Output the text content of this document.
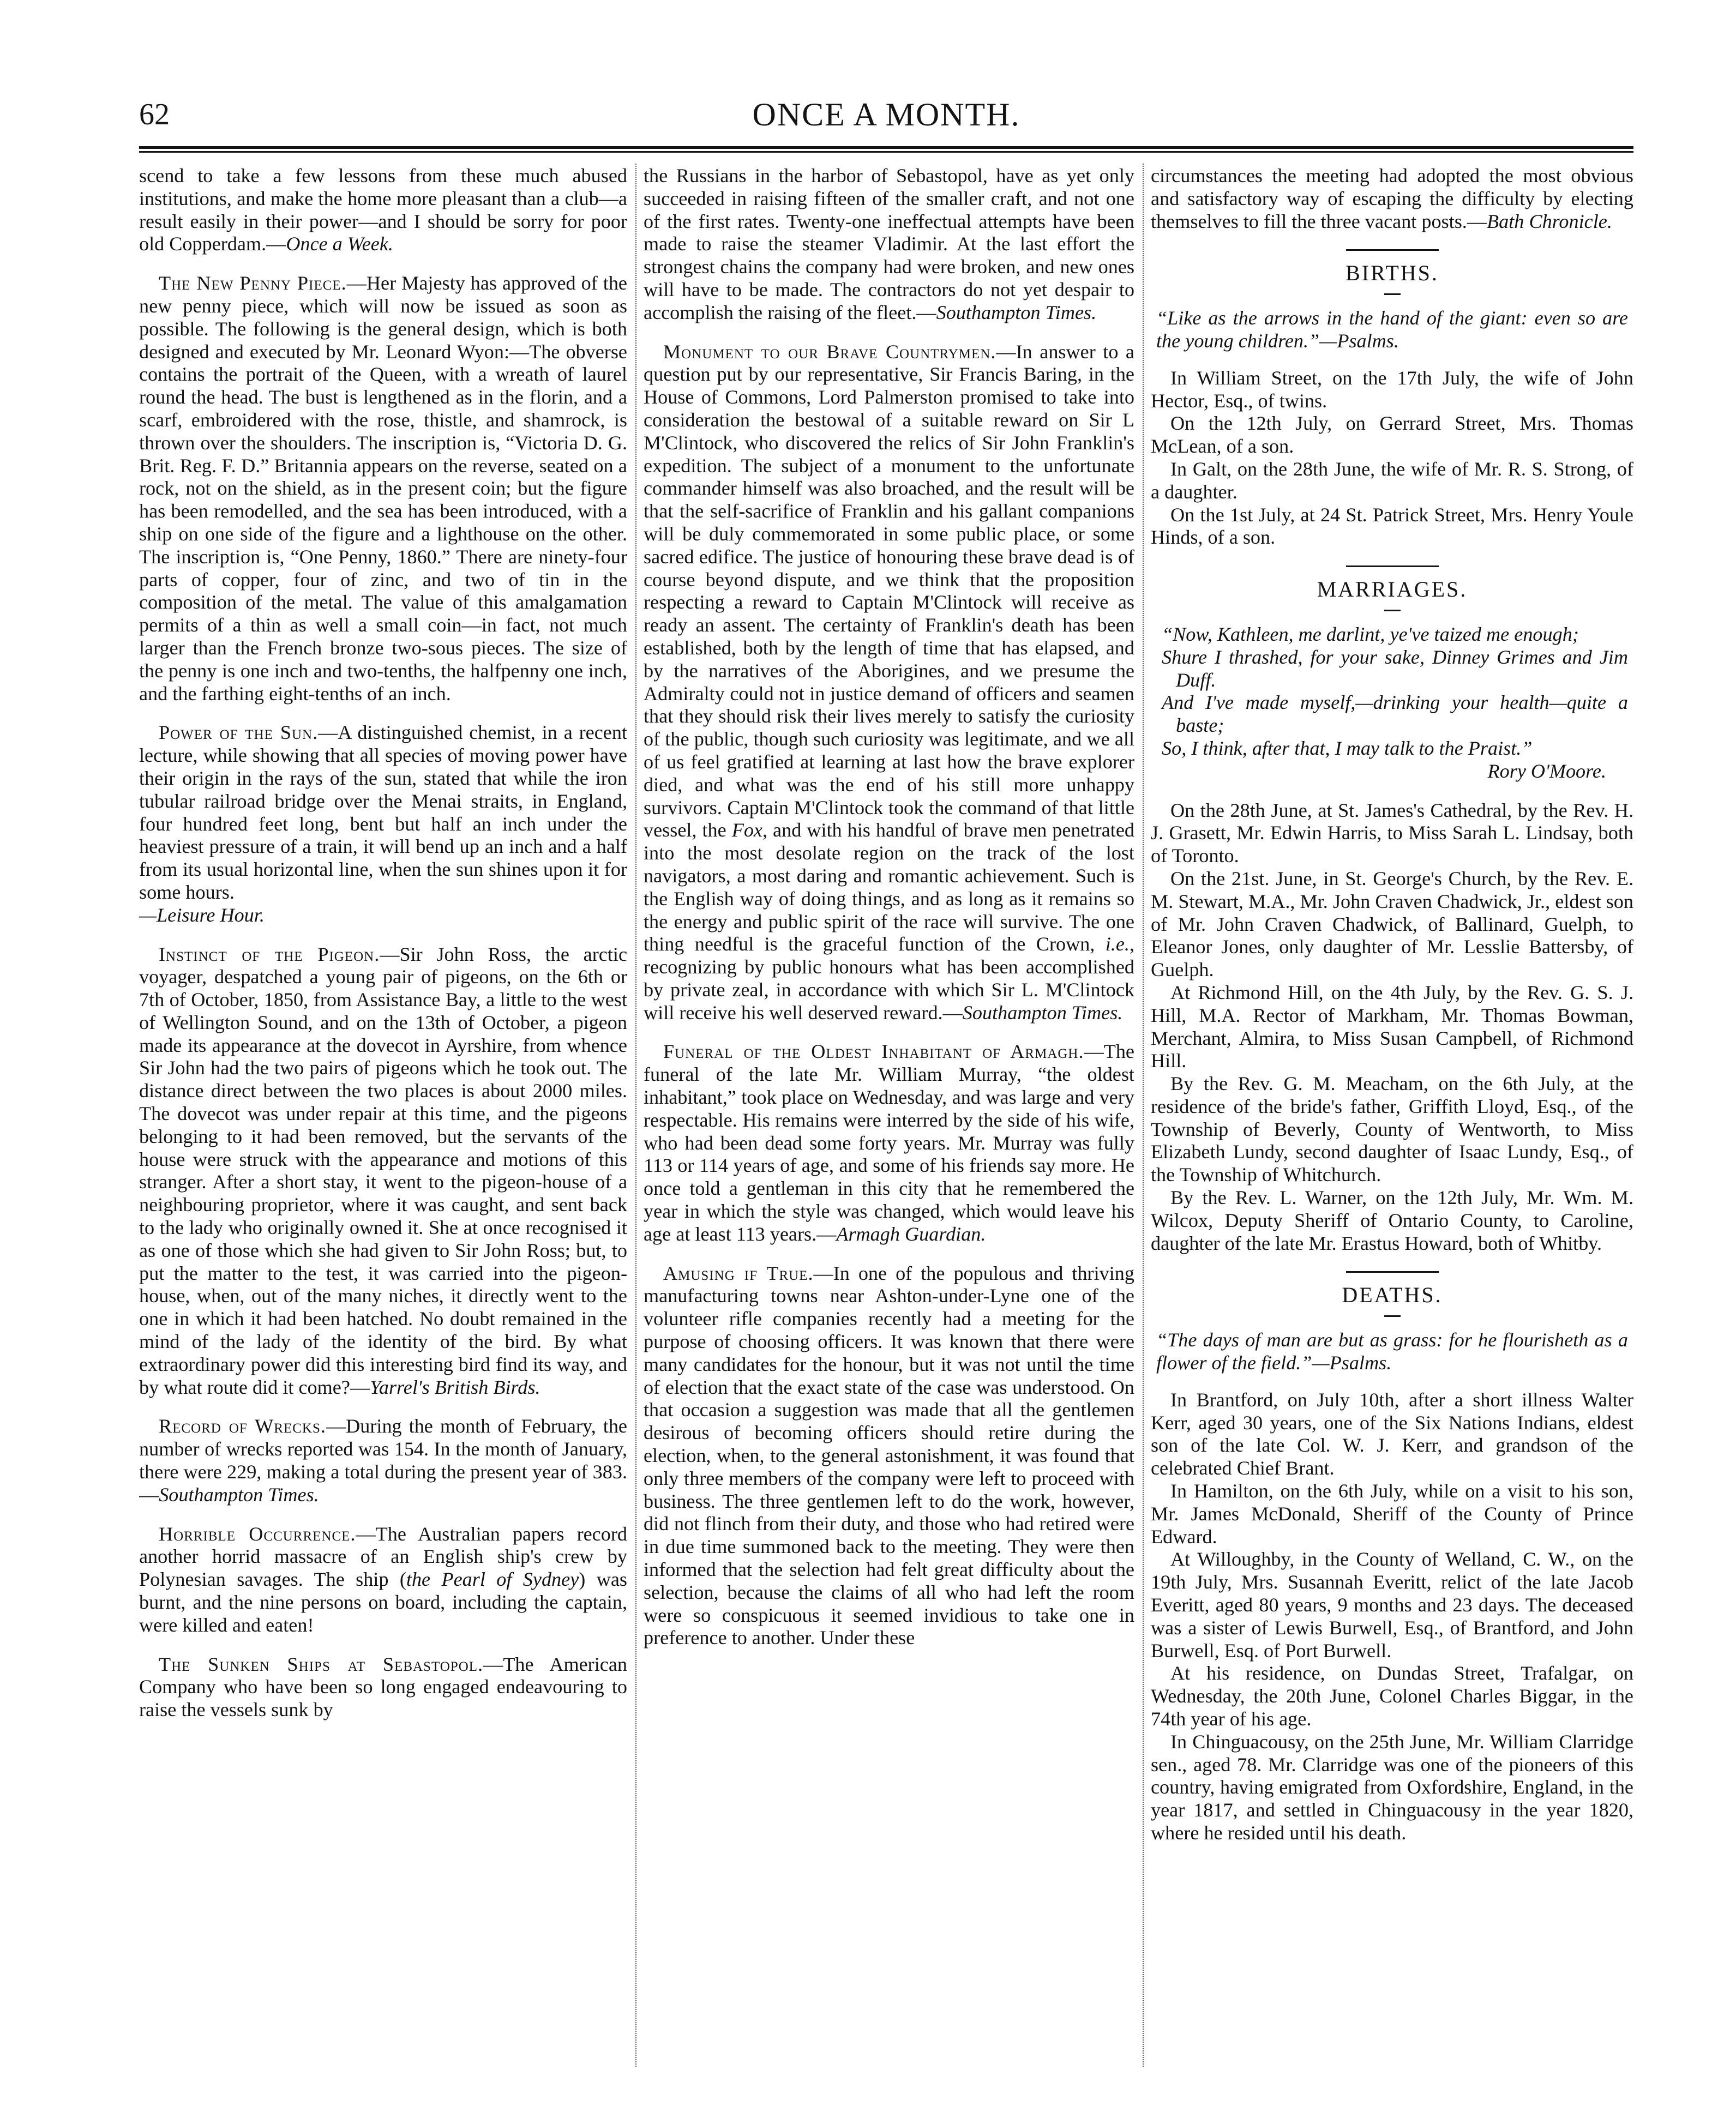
62	ONCE A MONTH.

scend to take a few lessons from these much abused institutions, and make the home more pleasant than a club—a result easily in their power—and I should be sorry for poor old Copperdam.—Once a Week.

The New Penny Piece.—Her Majesty has approved of the new penny piece, which will now be issued as soon as possible. The following is the general design, which is both designed and executed by Mr. Leonard Wyon:—The obverse contains the portrait of the Queen, with a wreath of laurel round the head. The bust is lengthened as in the florin, and a scarf, embroidered with the rose, thistle, and shamrock, is thrown over the shoulders. The inscription is, “Victoria D. G. Brit. Reg. F. D.” Britannia appears on the reverse, seated on a rock, not on the shield, as in the present coin; but the figure has been remodelled, and the sea has been introduced, with a ship on one side of the figure and a lighthouse on the other. The inscription is, “One Penny, 1860.” There are ninety-four parts of copper, four of zinc, and two of tin in the composition of the metal. The value of this amalgamation permits of a thin as well a small coin—in fact, not much larger than the French bronze two-sous pieces. The size of the penny is one inch and two-tenths, the halfpenny one inch, and the farthing eight-tenths of an inch.

Power of the Sun.—A distinguished chemist, in a recent lecture, while showing that all species of moving power have their origin in the rays of the sun, stated that while the iron tubular railroad bridge over the Menai straits, in England, four hundred feet long, bent but half an inch under the heaviest pressure of a train, it will bend up an inch and a half from its usual horizontal line, when the sun shines upon it for some hours.
—Leisure Hour.

Instinct of the Pigeon.—Sir John Ross, the arctic voyager, despatched a young pair of pigeons, on the 6th or 7th of October, 1850, from Assistance Bay, a little to the west of Wellington Sound, and on the 13th of October, a pigeon made its appearance at the dovecot in Ayrshire, from whence Sir John had the two pairs of pigeons which he took out. The distance direct between the two places is about 2000 miles. The dovecot was under repair at this time, and the pigeons belonging to it had been removed, but the servants of the house were struck with the appearance and motions of this stranger. After a short stay, it went to the pigeon-house of a neighbouring proprietor, where it was caught, and sent back to the lady who originally owned it. She at once recognised it as one of those which she had given to Sir John Ross; but, to put the matter to the test, it was carried into the pigeon-house, when, out of the many niches, it directly went to the one in which it had been hatched. No doubt remained in the mind of the lady of the identity of the bird. By what extraordinary power did this interesting bird find its way, and by what route did it come?—Yarrel's British Birds.

Record of Wrecks.—During the month of February, the number of wrecks reported was 154. In the month of January, there were 229, making a total during the present year of 383.—Southampton Times.

Horrible Occurrence.—The Australian papers record another horrid massacre of an English ship's crew by Polynesian savages. The ship (the Pearl of Sydney) was burnt, and the nine persons on board, including the captain, were killed and eaten!

The Sunken Ships at Sebastopol.—The American Company who have been so long engaged endeavouring to raise the vessels sunk by

the Russians in the harbor of Sebastopol, have as yet only succeeded in raising fifteen of the smaller craft, and not one of the first rates. Twenty-one ineffectual attempts have been made to raise the steamer Vladimir. At the last effort the strongest chains the company had were broken, and new ones will have to be made. The contractors do not yet despair to accomplish the raising of the fleet.—Southampton Times.

Monument to our Brave Countrymen.—In answer to a question put by our representative, Sir Francis Baring, in the House of Commons, Lord Palmerston promised to take into consideration the bestowal of a suitable reward on Sir L M'Clintock, who discovered the relics of Sir John Franklin's expedition. The subject of a monument to the unfortunate commander himself was also broached, and the result will be that the self-sacrifice of Franklin and his gallant companions will be duly commemorated in some public place, or some sacred edifice. The justice of honouring these brave dead is of course beyond dispute, and we think that the proposition respecting a reward to Captain M'Clintock will receive as ready an assent. The certainty of Franklin's death has been established, both by the length of time that has elapsed, and by the narratives of the Aborigines, and we presume the Admiralty could not in justice demand of officers and seamen that they should risk their lives merely to satisfy the curiosity of the public, though such curiosity was legitimate, and we all of us feel gratified at learning at last how the brave explorer died, and what was the end of his still more unhappy survivors. Captain M'Clintock took the command of that little vessel, the Fox, and with his handful of brave men penetrated into the most desolate region on the track of the lost navigators, a most daring and romantic achievement. Such is the English way of doing things, and as long as it remains so the energy and public spirit of the race will survive. The one thing needful is the graceful function of the Crown, i.e., recognizing by public honours what has been accomplished by private zeal, in accordance with which Sir L. M'Clintock will receive his well deserved reward.—Southampton Times.

Funeral of the Oldest Inhabitant of Armagh.—The funeral of the late Mr. William Murray, “the oldest inhabitant,” took place on Wednesday, and was large and very respectable. His remains were interred by the side of his wife, who had been dead some forty years. Mr. Murray was fully 113 or 114 years of age, and some of his friends say more. He once told a gentleman in this city that he remembered the year in which the style was changed, which would leave his age at least 113 years.—Armagh Guardian.

Amusing if True.—In one of the populous and thriving manufacturing towns near Ashton-under-Lyne one of the volunteer rifle companies recently had a meeting for the purpose of choosing officers. It was known that there were many candidates for the honour, but it was not until the time of election that the exact state of the case was understood. On that occasion a suggestion was made that all the gentlemen desirous of becoming officers should retire during the election, when, to the general astonishment, it was found that only three members of the company were left to proceed with business. The three gentlemen left to do the work, however, did not flinch from their duty, and those who had retired were in due time summoned back to the meeting. They were then informed that the selection had felt great difficulty about the selection, because the claims of all who had left the room were so conspicuous it seemed invidious to take one in preference to another. Under these

circumstances the meeting had adopted the most obvious and satisfactory way of escaping the difficulty by electing themselves to fill the three vacant posts.—Bath Chronicle.

BIRTHS.

“Like as the arrows in the hand of the giant: even so are the young children.”—Psalms.

In William Street, on the 17th July, the wife of John Hector, Esq., of twins.

On the 12th July, on Gerrard Street, Mrs. Thomas McLean, of a son.

In Galt, on the 28th June, the wife of Mr. R. S. Strong, of a daughter.

On the 1st July, at 24 St. Patrick Street, Mrs. Henry Youle Hinds, of a son.

MARRIAGES.

“Now, Kathleen, me darlint, ye've taized me enough;
Shure I thrashed, for your sake, Dinney Grimes and Jim Duff.
And I've made myself,—drinking your health—quite a baste;
So, I think, after that, I may talk to the Praist.”
Rory O'Moore.

On the 28th June, at St. James's Cathedral, by the Rev. H. J. Grasett, Mr. Edwin Harris, to Miss Sarah L. Lindsay, both of Toronto.

On the 21st. June, in St. George's Church, by the Rev. E. M. Stewart, M.A., Mr. John Craven Chadwick, Jr., eldest son of Mr. John Craven Chadwick, of Ballinard, Guelph, to Eleanor Jones, only daughter of Mr. Lesslie Battersby, of Guelph.

At Richmond Hill, on the 4th July, by the Rev. G. S. J. Hill, M.A. Rector of Markham, Mr. Thomas Bowman, Merchant, Almira, to Miss Susan Campbell, of Richmond Hill.

By the Rev. G. M. Meacham, on the 6th July, at the residence of the bride's father, Griffith Lloyd, Esq., of the Township of Beverly, County of Wentworth, to Miss Elizabeth Lundy, second daughter of Isaac Lundy, Esq., of the Township of Whitchurch.

By the Rev. L. Warner, on the 12th July, Mr. Wm. M. Wilcox, Deputy Sheriff of Ontario County, to Caroline, daughter of the late Mr. Erastus Howard, both of Whitby.

DEATHS.

“The days of man are but as grass: for he flourisheth as a flower of the field.”—Psalms.

In Brantford, on July 10th, after a short illness Walter Kerr, aged 30 years, one of the Six Nations Indians, eldest son of the late Col. W. J. Kerr, and grandson of the celebrated Chief Brant.

In Hamilton, on the 6th July, while on a visit to his son, Mr. James McDonald, Sheriff of the County of Prince Edward.

At Willoughby, in the County of Welland, C. W., on the 19th July, Mrs. Susannah Everitt, relict of the late Jacob Everitt, aged 80 years, 9 months and 23 days. The deceased was a sister of Lewis Burwell, Esq., of Brantford, and John Burwell, Esq. of Port Burwell.

At his residence, on Dundas Street, Trafalgar, on Wednesday, the 20th June, Colonel Charles Biggar, in the 74th year of his age.

In Chinguacousy, on the 25th June, Mr. William Clarridge sen., aged 78. Mr. Clarridge was one of the pioneers of this country, having emigrated from Oxfordshire, England, in the year 1817, and settled in Chinguacousy in the year 1820, where he resided until his death.
